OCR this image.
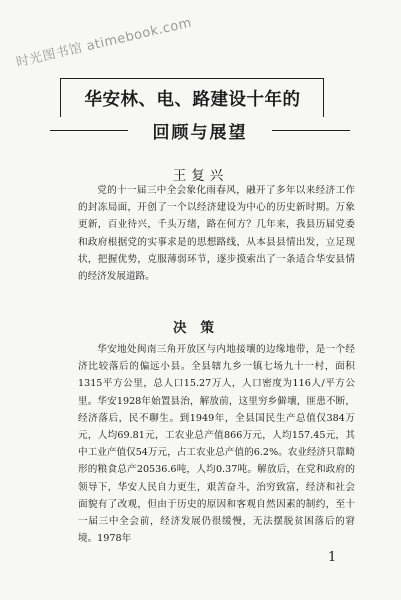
时光图书馆 atimebook.com
华安林、电、路建设十年的
回顾与展望
王复兴

党的十一届三中全会象化雨春风，融开了多年以来经济工作的封冻局面，开创了一个以经济建设为中心的历史新时期。万象更新，百业待兴，千头万绪，路在何方？几年来，我县历届党委和政府根据党的实事求是的思想路线，从本县县情出发，立足现状，把握优势，克服薄弱环节，逐步摸索出了一条适合华安县情的经济发展道路。

决策

华安地处闽南三角开放区与内地接壤的边缘地带，是一个经济比较落后的偏远小县。全县辖九乡一镇七场九十一村，面积1315平方公里，总人口15.27万人，人口密度为116人/平方公里。华安1928年始置县治，解放前，这里穷乡僻壤，匪患不断，经济落后，民不聊生。到1949年，全县国民生产总值仅384万元，人均69.81元，工农业总产值866万元，人均157.45元，其中工业产值仅54万元，占工农业总产值的6.2%。农业经济只靠畸形的粮食总产20536.6吨，人均0.37吨。解放后，在党和政府的领导下，华安人民自力更生，艰苦奋斗，治穷致富，经济和社会面貌有了改观，但由于历史的原因和客观自然因素的制约，至十一届三中全会前，经济发展仍很缓慢，无法摆脱贫困落后的窘境。1978年

1
